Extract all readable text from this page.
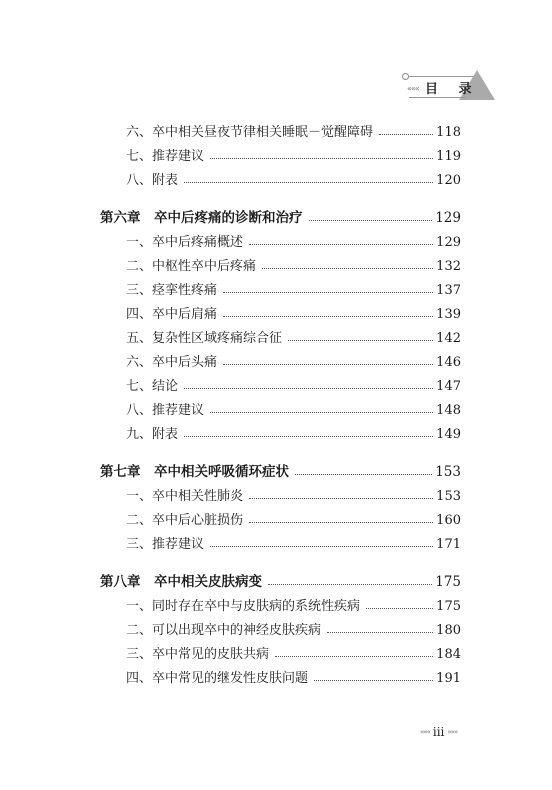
««« 目 录
六、卒中相关昼夜节律相关睡眠－觉醒障碍	118
七、推荐建议	119
八、附表	120
第六章　卒中后疼痛的诊断和治疗	129
一、卒中后疼痛概述	129
二、中枢性卒中后疼痛	132
三、痉挛性疼痛	137
四、卒中后肩痛	139
五、复杂性区域疼痛综合征	142
六、卒中后头痛	146
七、结论	147
八、推荐建议	148
九、附表	149
第七章　卒中相关呼吸循环症状	153
一、卒中相关性肺炎	153
二、卒中后心脏损伤	160
三、推荐建议	171
第八章　卒中相关皮肤病变	175
一、同时存在卒中与皮肤病的系统性疾病	175
二、可以出现卒中的神经皮肤疾病	180
三、卒中常见的皮肤共病	184
四、卒中常见的继发性皮肤问题	191
««« iii »»»
